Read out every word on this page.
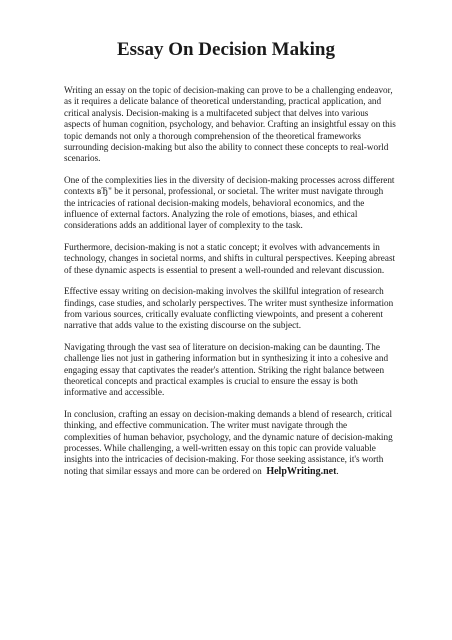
Essay On Decision Making

Writing an essay on the topic of decision-making can prove to be a challenging endeavor, as it requires a delicate balance of theoretical understanding, practical application, and critical analysis. Decision-making is a multifaceted subject that delves into various aspects of human cognition, psychology, and behavior. Crafting an insightful essay on this topic demands not only a thorough comprehension of the theoretical frameworks surrounding decision-making but also the ability to connect these concepts to real-world scenarios.

One of the complexities lies in the diversity of decision-making processes across different contexts вЂ" be it personal, professional, or societal. The writer must navigate through the intricacies of rational decision-making models, behavioral economics, and the influence of external factors. Analyzing the role of emotions, biases, and ethical considerations adds an additional layer of complexity to the task.

Furthermore, decision-making is not a static concept; it evolves with advancements in technology, changes in societal norms, and shifts in cultural perspectives. Keeping abreast of these dynamic aspects is essential to present a well-rounded and relevant discussion.

Effective essay writing on decision-making involves the skillful integration of research findings, case studies, and scholarly perspectives. The writer must synthesize information from various sources, critically evaluate conflicting viewpoints, and present a coherent narrative that adds value to the existing discourse on the subject.

Navigating through the vast sea of literature on decision-making can be daunting. The challenge lies not just in gathering information but in synthesizing it into a cohesive and engaging essay that captivates the reader's attention. Striking the right balance between theoretical concepts and practical examples is crucial to ensure the essay is both informative and accessible.

In conclusion, crafting an essay on decision-making demands a blend of research, critical thinking, and effective communication. The writer must navigate through the complexities of human behavior, psychology, and the dynamic nature of decision-making processes. While challenging, a well-written essay on this topic can provide valuable insights into the intricacies of decision-making. For those seeking assistance, it's worth noting that similar essays and more can be ordered on HelpWriting.net.
